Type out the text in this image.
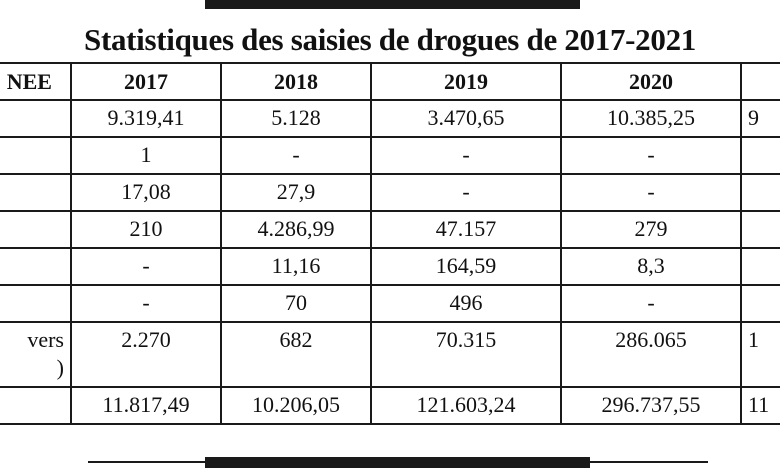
Statistiques des saisies de drogues de 2017-2021
NEE	2017	2018	2019	2020	
	9.319,41	5.128	3.470,65	10.385,25	9
	1	-	-	-	
	17,08	27,9	-	-	
	210	4.286,99	47.157	279	
	-	11,16	164,59	8,3	
	-	70	496	-	

vers
)	2.270	682	70.315	286.065	1
	11.817,49	10.206,05	121.603,24	296.737,55	11
